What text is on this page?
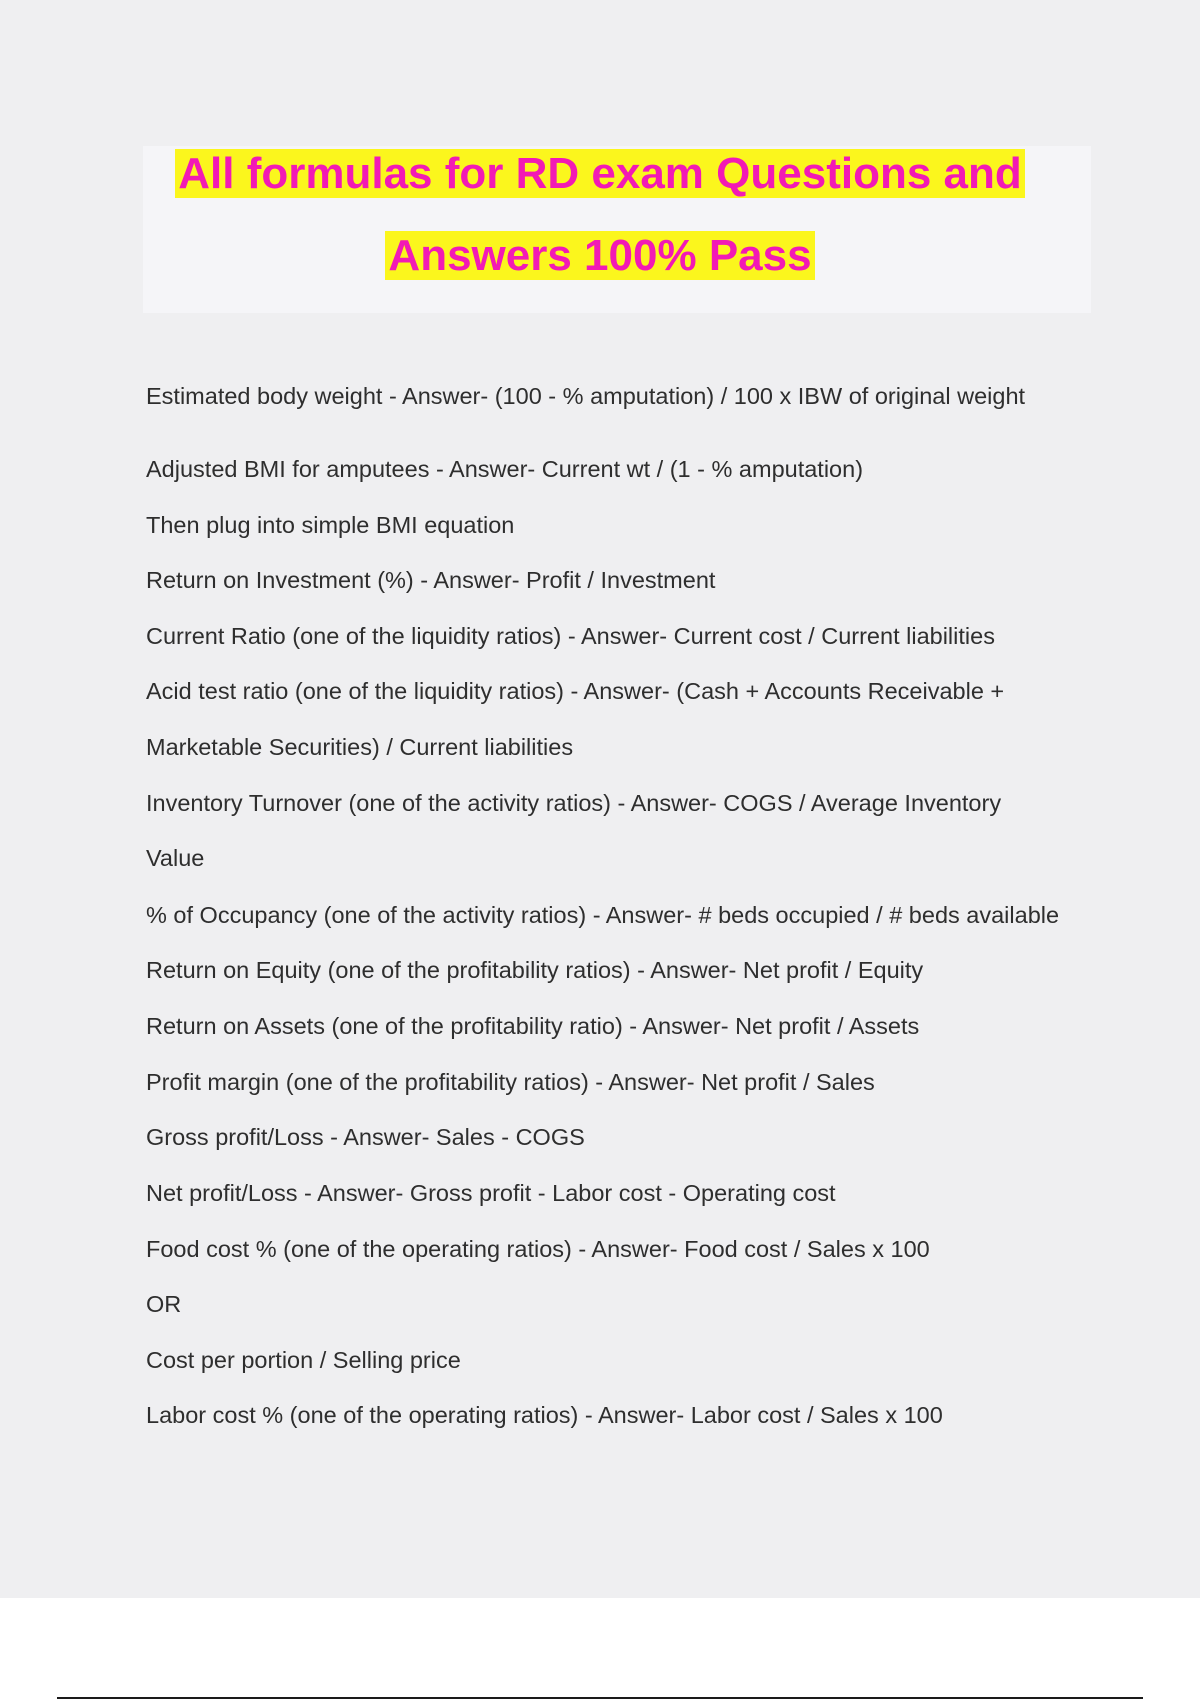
All formulas for RD exam Questions and
Answers 100% Pass
Estimated body weight - Answer- (100 - % amputation) / 100 x IBW of original weight
Adjusted BMI for amputees - Answer- Current wt / (1 - % amputation)
Then plug into simple BMI equation
Return on Investment (%) - Answer- Profit / Investment
Current Ratio (one of the liquidity ratios) - Answer- Current cost / Current liabilities
Acid test ratio (one of the liquidity ratios) - Answer- (Cash + Accounts Receivable +
Marketable Securities) / Current liabilities
Inventory Turnover (one of the activity ratios) - Answer- COGS / Average Inventory
Value
% of Occupancy (one of the activity ratios) - Answer- # beds occupied / # beds available
Return on Equity (one of the profitability ratios) - Answer- Net profit / Equity
Return on Assets (one of the profitability ratio) - Answer- Net profit / Assets
Profit margin (one of the profitability ratios) - Answer- Net profit / Sales
Gross profit/Loss - Answer- Sales - COGS
Net profit/Loss - Answer- Gross profit - Labor cost - Operating cost
Food cost % (one of the operating ratios) - Answer- Food cost / Sales x 100
OR
Cost per portion / Selling price
Labor cost % (one of the operating ratios) - Answer- Labor cost / Sales x 100
